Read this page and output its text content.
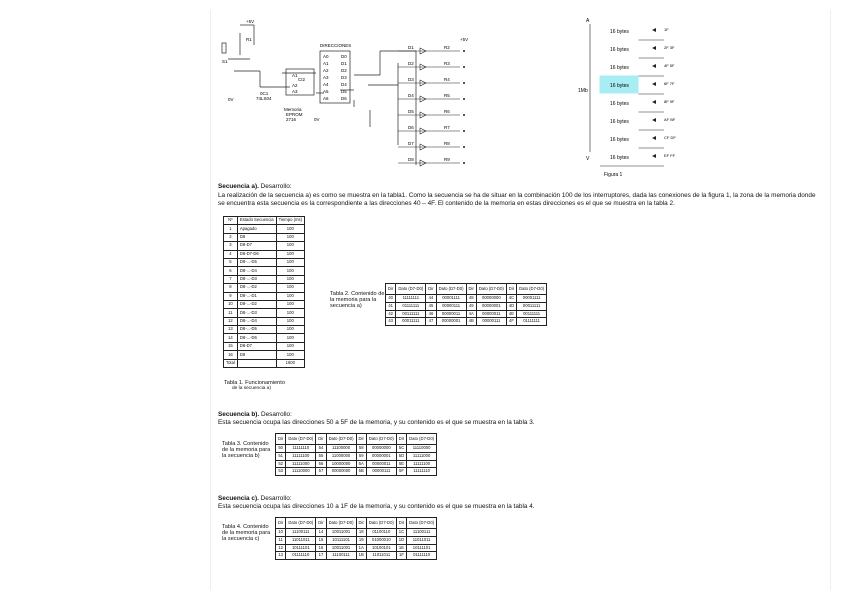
+5V
R1
S1
0V
0C1
74LS04
CI2
A1
A2
A3
DIRECCIONES
A0
A1
A2
A3
A4
A5
A6
D0
D1
D2
D3
D4
D5
D6
Memoria
EPROM
2716	0V
+5V
D1	R2
D2	R3
D3	R4
D4	R5
D5	R6
D6	R7
D7	R8
D8	R9
A
V
1Mb
16 bytes	1F
16 bytes	2F 3F
16 bytes	4F 5F
16 bytes	6F 7F
16 bytes	8F 9F
16 bytes	AF BF
16 bytes	CF DF
16 bytes	EF FF
Figura 1
Secuencia a). Desarrollo:
La realización de la secuencia a) es como se muestra en la tabla1. Como la secuencia se ha de situar en la combinación 100 de los interruptores, dada las conexiones de la figura 1, la zona de la memoria donde se encuentra esta secuencia es la correspondiente a las direcciones 40 – 4F. El contenido de la memoria en estas direcciones es el que se muestra en la tabla 2.
Nº	Estado Secuencia	Tiempo (ms)
1	Apagado	100
2	D8	100
3	D8-D7	100
4	D8-D7-D6	100
5	D8-...-D5	100
6	D8-...-D4	100
7	D8-...-D3	100
8	D8-...-D2	100
9	D8-...-D1	100
10	D8-...-D2	100
11	D8-...-D3	100
12	D8-...-D4	100
13	D8-...-D5	100
14	D8-...-D6	100
15	D8-D7	100
16	D8	100
Total		1600
Tabla 1. Funcionamiento
de la secuencia a)
Tabla 2. Contenido de la memoria para la secuencia a)
Dir	Dato (D7-D0)	Dir	Dato (D7-D0)	Dir	Dato (D7-D0)	Dir	Dato (D7-D0)
40	11111111	44	00001111	48	00000000	4C	00001111
41	01111111	45	00000111	49	00000001	4D	00011111
42	00111111	46	00000011	4A	00000011	4E	00111111
43	00011111	47	00000001	4B	00000111	4F	01111111
Secuencia b). Desarrollo:
Esta secuencia ocupa las direcciones 50 a 5F de la memoria, y su contenido es el que se muestra en la tabla 3.
Tabla 3. Contenido de la memoria para la secuencia b)
Dir	Dato (D7-D0)	Dir	Dato (D7-D0)	Dir	Dato (D7-D0)	Dir	Dato (D7-D0)
50	11111110	54	11100000	58	00000000	5C	11110000
51	11111100	55	11000000	59	00000001	5D	11111000
52	11111000	56	10000000	5A	00000011	5E	11111100
53	11110000	57	00000000	5B	00000111	5F	11111110
Secuencia c). Desarrollo:
Esta secuencia ocupa las direcciones 10 a 1F de la memoria, y su contenido es el que se muestra en la tabla 4.
Tabla 4. Contenido de la memoria para la secuencia c)
Dir	Dato (D7-D0)	Dir	Dato (D7-D0)	Dir	Dato (D7-D0)	Dir	Dato (D7-D0)
10	11100111	14	10011001	18	01100110	1C	11100111
11	11011011	15	10111101	19	01000010	1D	11011011
12	10111101	16	10011001	1A	10100101	1E	10111101
13	01111110	17	11100111	1B	11011011	1F	01111110
